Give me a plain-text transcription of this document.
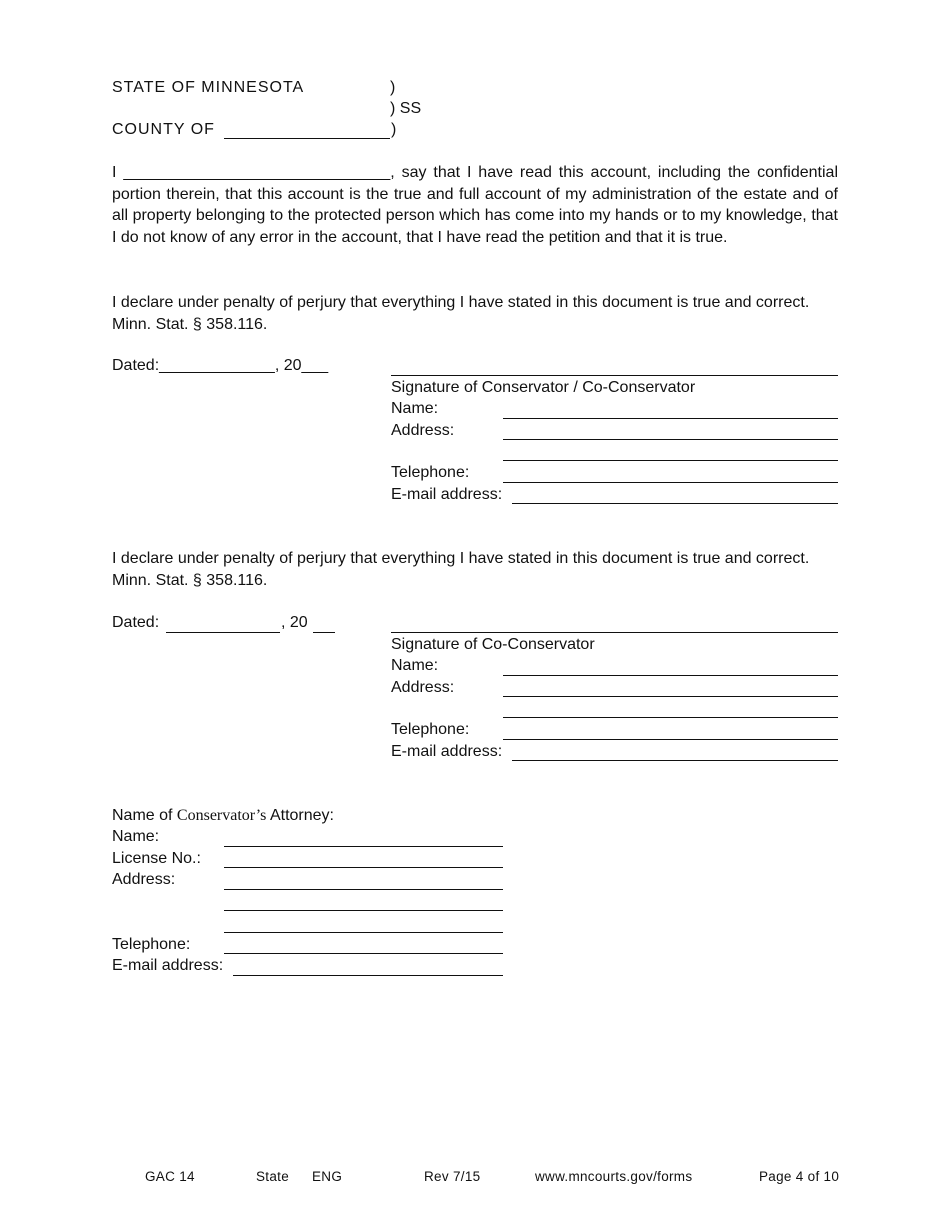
STATE OF MINNESOTA	)
) SS
COUNTY OF	)
I ______________________________, say that I have read this account, including the confidential portion therein, that this account is the true and full account of my administration of the estate and of all property belonging to the protected person which has come into my hands or to my knowledge, that I do not know of any error in the account, that I have read the petition and that it is true.
I declare under penalty of perjury that everything I have stated in this document is true and correct. Minn. Stat. § 358.116.
Dated:_____________, 20___
Signature of Conservator / Co-Conservator
Name:
Address:
Telephone:
E-mail address:
I declare under penalty of perjury that everything I have stated in this document is true and correct. Minn. Stat. § 358.116.
Dated:	, 20
Signature of Co-Conservator
Name:
Address:
Telephone:
E-mail address:
Name of Conservator’s Attorney:
Name:
License No.:
Address:
Telephone:
E-mail address:
GAC 14	State ENG	Rev 7/15	www.mncourts.gov/forms	Page 4 of 10
